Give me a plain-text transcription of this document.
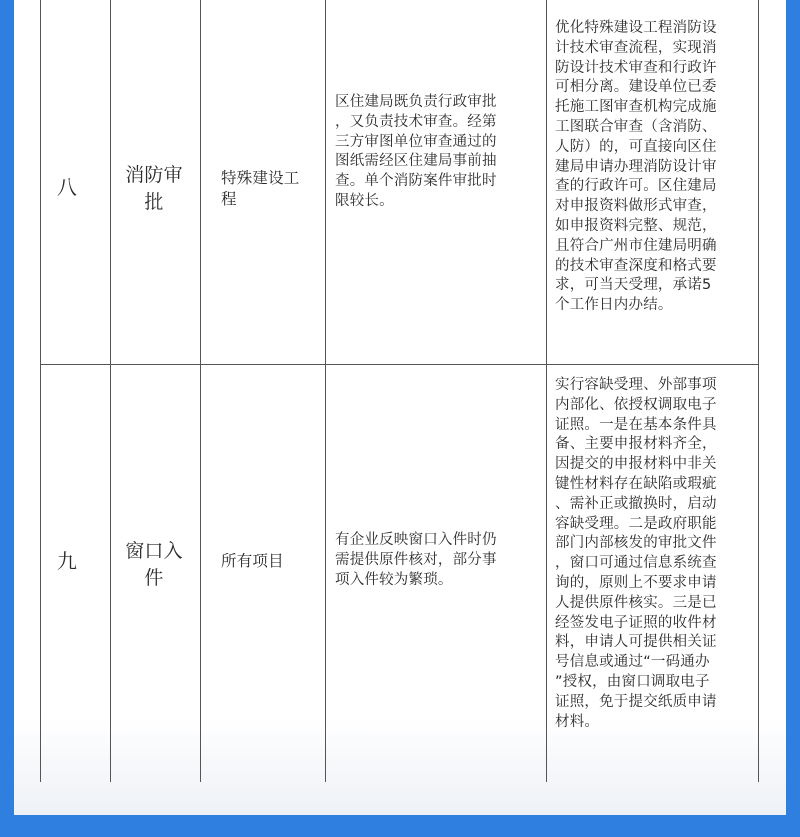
八	消防审
批
特殊建设工
程
区住建局既负责行政审批
，又负责技术审查。经第
三方审图单位审查通过的
图纸需经区住建局事前抽
查。单个消防案件审批时
限较长。
优化特殊建设工程消防设
计技术审查流程，实现消
防设计技术审查和行政许
可相分离。建设单位已委
托施工图审查机构完成施
工图联合审查（含消防、
人防）的，可直接向区住
建局申请办理消防设计审
查的行政许可。区住建局
对申报资料做形式审查，
如申报资料完整、规范，
且符合广州市住建局明确
的技术审查深度和格式要
求，可当天受理，承诺5
个工作日内办结。
九	窗口入
件
所有项目
有企业反映窗口入件时仍
需提供原件核对，部分事
项入件较为繁琐。
实行容缺受理、外部事项
内部化、依授权调取电子
证照。一是在基本条件具
备、主要申报材料齐全，
因提交的申报材料中非关
键性材料存在缺陷或瑕疵
、需补正或撤换时，启动
容缺受理。二是政府职能
部门内部核发的审批文件
，窗口可通过信息系统查
询的，原则上不要求申请
人提供原件核实。三是已
经签发电子证照的收件材
料，申请人可提供相关证
号信息或通过“一码通办
”授权，由窗口调取电子
证照，免于提交纸质申请
材料。
